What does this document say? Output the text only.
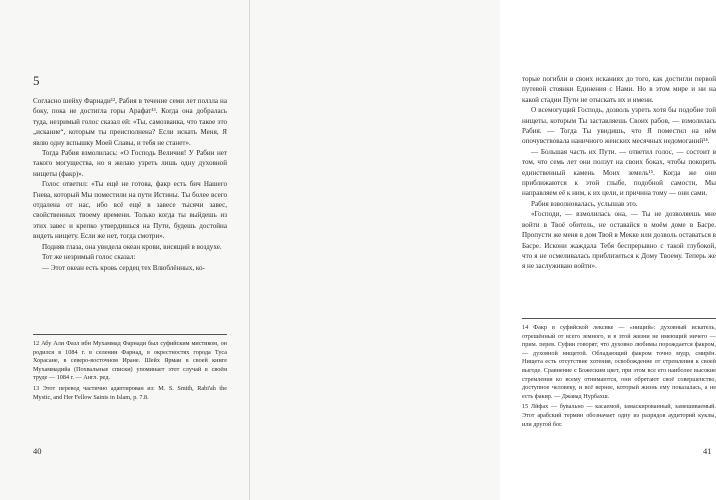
5

Согласно шейху Фарнади¹², Рабия в течение семи лет ползла на боку, пока не достигла горы Арафат¹³. Когда она добралась туда, незримый голос сказал ей: «Ты, самозванка, что такое это „искание“, которым ты преисполнена? Если искать Меня, Я явлю одну вспышку Моей Славы, и тебя не станет».

Тогда Рабия взмолилась: «О Господь Величия! У Рабии нет такого могущества, но я желаю узреть лишь одну духовной нищеты (факр)».

Голос ответил: «Ты ещё не готова, факр есть бич Нашего Гнева, который Мы поместили на пути Истины. Ты более всего отдалена от нас, ибо всё ещё в завесе тысячи завес, свойственных твоему времени. Только когда ты выйдешь из этих завес и крепко утвердишься на Пути, будешь достойна видеть нищету. Если же нет, тогда смотри».

Подняв глаза, она увидела океан крови, висящий в воздухе.

Тот же незримый голос сказал:

— Этот океан есть кровь сердец тех Влюблённых, ко-

12 Абу Али Фазл ибн Мухаммад Фарнади был суфийским мистиком, он родился в 1084 г. в селении Фарнад, в окрестностях города Туса Хорасане, в северо-восточном Иране. Шейх Ярмаи в своей книге Мухаммадийа (Похвальные списки) упоминает этот случай в своём труде — 1084 г. — Англ. ред.

13 Этот перевод частично адаптирован из: M. S. Smith, Rabi'ah the Mystic, and Her Fellow Saints in Islam, p. 7.8.

40

торые погибли в своих исканиях до того, как достигли первой путевой стоянки Единения с Нами. Но в этом мире и ни на какой стадии Пути не отыскать их и имени.

О всемогущий Господь, дозволь узреть хотя бы подобие той нищеты, которым Ты заставляешь Своих рабов, — взмолилась Рабия. — Тогда Ты увидишь, что Я поместил на нём опочувствовала наничного женских месячных недомоганий¹⁴.

— Большая часть их Пути. — ответил голос, — состоит в том, что семь лет они ползут на своих боках, чтобы покорить единственный камень Моих земель¹⁵. Когда же они приближаются к этой глыбе, подобной самости, Мы направляем её к ним, к их цели, и причина тому — они сами.

Рабия взволновалась, услышав это.

«Господи, — взмолилась она, — Ты не дозволяешь мне войти в Твоё обитель, не оставайся в моём доме в Басре. Пропусти же меня в дом Твой в Мекке или дозволь оставаться в Басре. Искони жаждала Тебя беспрерывно с такой глубокой, что я не осмеливалась приблизиться к Дому Твоему. Теперь же я не заслуживаю войти».

14 Факр в суфийской лексике — «нищий»: духовный искатель, отрешённый от всего земного, и в этой жизни не имеющий ничего — прим. перев. Суфии говорят, что духовно любимы порождается факром, — духовной нищетой. Обладающий факром точно мудр, смирён. Нищета есть отсутствие хотения, освобождение от стремления к своей выгоде. Сравнение с Божеским цвет, при этом все его наиболее высокие стремления ко всему отнимаются, они обретают своё совершенство, доступное человеку, и всё вернее, который жизнь ему показалась, а не есть факир. — Джавад Нурбахш.

15 Лйфах — бувально — касаемой, замаскированный, замешиваемый. Этот арабский термин обозначает одну из разрядов аудиторий куклы, или другой бог.

41
